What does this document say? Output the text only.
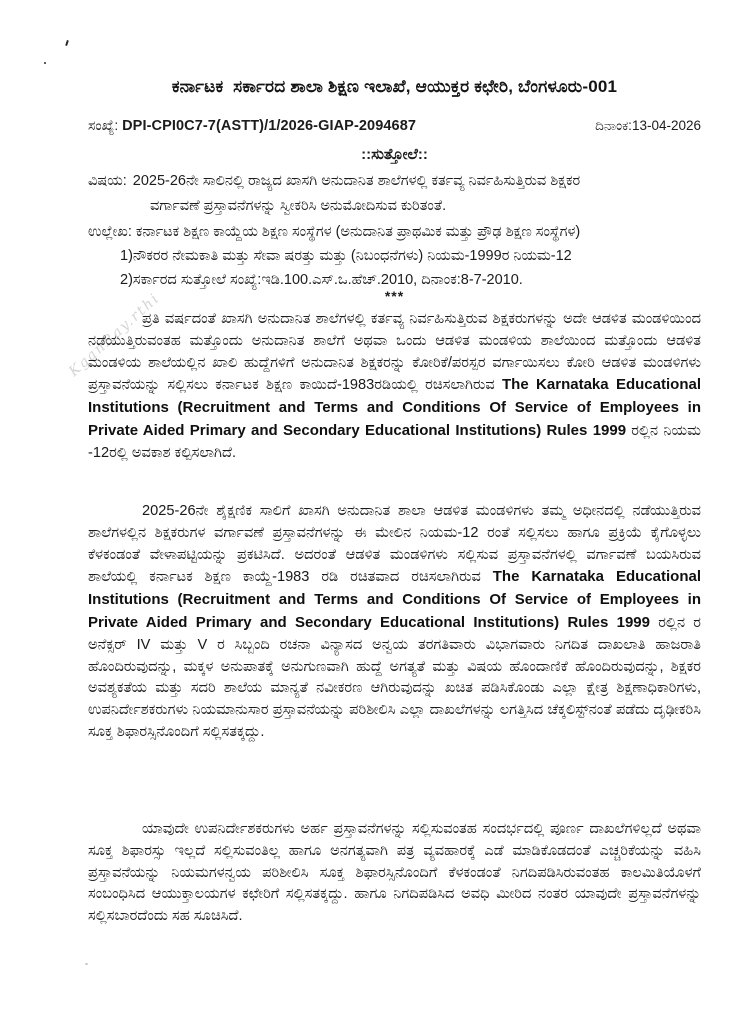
KganRay.rthi
ಕರ್ನಾಟಕ  ಸರ್ಕಾರದ ಶಾಲಾ ಶಿಕ್ಷಣ ಇಲಾಖೆ, ಆಯುಕ್ತರ ಕಛೇರಿ, ಬೆಂಗಳೂರು-001
ಸಂಖ್ಯೆ: DPI-CPI0C7-7(ASTT)/1/2026-GIAP-2094687	ದಿನಾಂಕ:13-04-2026
::ಸುತ್ತೋಲೆ::
ವಿಷಯ: 2025-26ನೇ ಸಾಲಿನಲ್ಲಿ ರಾಜ್ಯದ ಖಾಸಗಿ ಅನುದಾನಿತ ಶಾಲೆಗಳಲ್ಲಿ ಕರ್ತವ್ಯ ನಿರ್ವಹಿಸುತ್ತಿರುವ ಶಿಕ್ಷಕರ
ವರ್ಗಾವಣೆ ಪ್ರಸ್ತಾವನೆಗಳನ್ನು ಸ್ವೀಕರಿಸಿ ಅನುಮೋದಿಸುವ ಕುರಿತಂತೆ.
ಉಲ್ಲೇಖ: ಕರ್ನಾಟಕ ಶಿಕ್ಷಣ ಕಾಯ್ದೆಯ ಶಿಕ್ಷಣ ಸಂಸ್ಥೆಗಳ (ಅನುದಾನಿತ ಪ್ರಾಥಮಿಕ ಮತ್ತು ಪ್ರೌಢ ಶಿಕ್ಷಣ ಸಂಸ್ಥೆಗಳ)
1)ನೌಕರರ ನೇಮಕಾತಿ ಮತ್ತು ಸೇವಾ ಷರತ್ತು ಮತ್ತು (ನಿಬಂಧನೆಗಳು) ನಿಯಮ-1999ರ ನಿಯಮ-12
2)ಸರ್ಕಾರದ ಸುತ್ತೋಲೆ ಸಂಖ್ಯೆ:ಇಡಿ.100.ಎಸ್.ಒ.ಹೆಚ್.2010, ದಿನಾಂಕ:8-7-2010.
***
ಪ್ರತಿ ವರ್ಷದಂತೆ ಖಾಸಗಿ ಅನುದಾನಿತ ಶಾಲೆಗಳಲ್ಲಿ ಕರ್ತವ್ಯ ನಿರ್ವಹಿಸುತ್ತಿರುವ ಶಿಕ್ಷಕರುಗಳನ್ನು ಅದೇ ಆಡಳಿತ ಮಂಡಳಿಯಿಂದ ನಡೆಯುತ್ತಿರುವಂತಹ ಮತ್ತೊಂದು ಅನುದಾನಿತ ಶಾಲೆಗೆ ಅಥವಾ ಒಂದು ಆಡಳಿತ ಮಂಡಳಿಯ ಶಾಲೆಯಿಂದ ಮತ್ತೊಂದು ಆಡಳಿತ ಮಂಡಳಿಯ ಶಾಲೆಯಲ್ಲಿನ ಖಾಲಿ ಹುದ್ದೆಗಳಿಗೆ ಅನುದಾನಿತ ಶಿಕ್ಷಕರನ್ನು ಕೋರಿಕೆ/ಪರಸ್ಪರ ವರ್ಗಾಯಿಸಲು ಕೋರಿ ಆಡಳಿತ ಮಂಡಳಿಗಳು ಪ್ರಸ್ತಾವನೆಯನ್ನು ಸಲ್ಲಿಸಲು ಕರ್ನಾಟಕ ಶಿಕ್ಷಣ ಕಾಯಿದೆ-1983ರಡಿಯಲ್ಲಿ ರಚಿಸಲಾಗಿರುವ The Karnataka Educational Institutions (Recruitment and Terms and Conditions Of Service of Employees in Private Aided Primary and Secondary Educational Institutions) Rules 1999 ರಲ್ಲಿನ ನಿಯಮ -12ರಲ್ಲಿ ಅವಕಾಶ ಕಲ್ಪಿಸಲಾಗಿದೆ.
2025-26ನೇ ಶೈಕ್ಷಣಿಕ ಸಾಲಿಗೆ ಖಾಸಗಿ ಅನುದಾನಿತ ಶಾಲಾ ಆಡಳಿತ ಮಂಡಳಿಗಳು ತಮ್ಮ ಅಧೀನದಲ್ಲಿ ನಡೆಯುತ್ತಿರುವ ಶಾಲೆಗಳಲ್ಲಿನ ಶಿಕ್ಷಕರುಗಳ ವರ್ಗಾವಣೆ ಪ್ರಸ್ತಾವನೆಗಳನ್ನು ಈ ಮೇಲಿನ ನಿಯಮ-12 ರಂತೆ ಸಲ್ಲಿಸಲು ಹಾಗೂ ಪ್ರಕ್ರಿಯೆ ಕೈಗೊಳ್ಳಲು ಕೆಳಕಂಡಂತೆ ವೇಳಾಪಟ್ಟಿಯನ್ನು ಪ್ರಕಟಿಸಿದೆ. ಅದರಂತೆ ಆಡಳಿತ ಮಂಡಳಿಗಳು ಸಲ್ಲಿಸುವ ಪ್ರಸ್ತಾವನೆಗಳಲ್ಲಿ ವರ್ಗಾವಣೆ ಬಯಸಿರುವ ಶಾಲೆಯಲ್ಲಿ ಕರ್ನಾಟಕ ಶಿಕ್ಷಣ ಕಾಯ್ದೆ-1983 ರಡಿ ರಚಿತವಾದ ರಚಿಸಲಾಗಿರುವ The Karnataka Educational Institutions (Recruitment and Terms and Conditions Of Service of Employees in Private Aided Primary and Secondary Educational Institutions) Rules 1999 ರಲ್ಲಿನ ರ ಅನೆಕ್ಸರ್ IV ಮತ್ತು V ರ ಸಿಬ್ಬಂದಿ ರಚನಾ ವಿನ್ಯಾಸದ ಅನ್ವಯ ತರಗತಿವಾರು ವಿಭಾಗವಾರು ನಿಗದಿತ ದಾಖಲಾತಿ ಹಾಜರಾತಿ ಹೊಂದಿರುವುದನ್ನು, ಮಕ್ಕಳ ಅನುಪಾತಕ್ಕೆ ಅನುಗುಣವಾಗಿ ಹುದ್ದೆ ಅಗತ್ಯತೆ ಮತ್ತು ವಿಷಯ ಹೊಂದಾಣಿಕೆ ಹೊಂದಿರುವುದನ್ನು, ಶಿಕ್ಷಕರ ಅವಶ್ಯಕತೆಯ ಮತ್ತು ಸದರಿ ಶಾಲೆಯ ಮಾನ್ಯತೆ ನವೀಕರಣ ಆಗಿರುವುದನ್ನು ಖಚಿತ ಪಡಿಸಿಕೊಂಡು ಎಲ್ಲಾ ಕ್ಷೇತ್ರ ಶಿಕ್ಷಣಾಧಿಕಾರಿಗಳು, ಉಪನಿರ್ದೇಶಕರುಗಳು ನಿಯಮಾನುಸಾರ ಪ್ರಸ್ತಾವನೆಯನ್ನು ಪರಿಶೀಲಿಸಿ ಎಲ್ಲಾ ದಾಖಲೆಗಳನ್ನು ಲಗತ್ತಿಸಿದ ಚೆಕ್ಕಲಿಸ್ಟ್‌ನಂತೆ ಪಡೆದು ದೃಢೀಕರಿಸಿ ಸೂಕ್ತ ಶಿಫಾರಸ್ಸಿನೊಂದಿಗೆ ಸಲ್ಲಿಸತಕ್ಕದ್ದು.
ಯಾವುದೇ ಉಪನಿರ್ದೇಶಕರುಗಳು ಅರ್ಹ ಪ್ರಸ್ತಾವನೆಗಳನ್ನು ಸಲ್ಲಿಸುವಂತಹ ಸಂದರ್ಭದಲ್ಲಿ ಪೂರ್ಣ ದಾಖಲೆಗಳಿಲ್ಲದೆ ಅಥವಾ ಸೂಕ್ತ ಶಿಫಾರಸ್ಸು ಇಲ್ಲದೆ ಸಲ್ಲಿಸುವಂತಿಲ್ಲ ಹಾಗೂ ಅನಗತ್ಯವಾಗಿ ಪತ್ರ ವ್ಯವಹಾರಕ್ಕೆ ಎಡೆ ಮಾಡಿಕೊಡದಂತೆ ಎಚ್ಚರಿಕೆಯನ್ನು ವಹಿಸಿ ಪ್ರಸ್ತಾವನೆಯನ್ನು ನಿಯಮಗಳನ್ವಯ ಪರಿಶೀಲಿಸಿ ಸೂಕ್ತ ಶಿಫಾರಸ್ಸಿನೊಂದಿಗೆ ಕೆಳಕಂಡಂತೆ ನಿಗದಿಪಡಿಸಿರುವಂತಹ ಕಾಲಮಿತಿಯೊಳಗೆ ಸಂಬಂಧಿಸಿದ ಆಯುಕ್ತಾಲಯಗಳ ಕಛೇರಿಗೆ ಸಲ್ಲಿಸತಕ್ಕದ್ದು. ಹಾಗೂ ನಿಗದಿಪಡಿಸಿದ ಅವಧಿ ಮೀರಿದ ನಂತರ ಯಾವುದೇ ಪ್ರಸ್ತಾವನೆಗಳನ್ನು ಸಲ್ಲಿಸಬಾರದೆಂದು ಸಹ ಸೂಚಿಸಿದೆ.
